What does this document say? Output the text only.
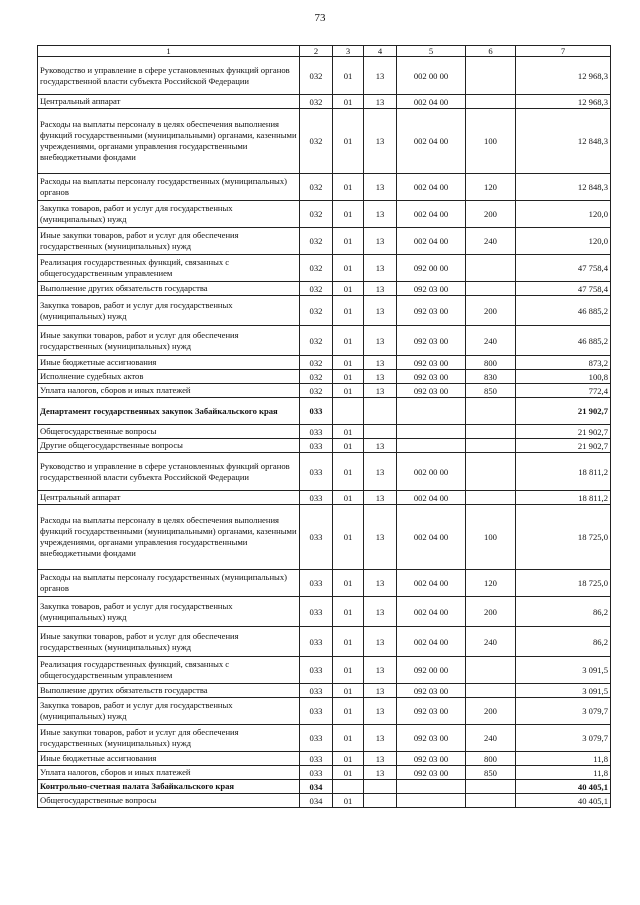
73
1	2	3	4	5	6	7
Руководство и управление в сфере установленных функций органов государственной власти субъекта Российской Федерации	032	01	13	002 00 00		12 968,3
Центральный аппарат	032	01	13	002 04 00		12 968,3
Расходы на выплаты персоналу в целях обеспечения выполнения функций государственными (муниципальными) органами, казенными учреждениями, органами управления государственными внебюджетными фондами	032	01	13	002 04 00	100	12 848,3
Расходы на выплаты персоналу государственных (муниципальных) органов	032	01	13	002 04 00	120	12 848,3
Закупка товаров, работ и услуг для государственных (муниципальных) нужд	032	01	13	002 04 00	200	120,0
Иные закупки товаров, работ и услуг для обеспечения государственных (муниципальных) нужд	032	01	13	002 04 00	240	120,0
Реализация государственных функций, связанных с общегосударственным управлением	032	01	13	092 00 00		47 758,4
Выполнение других обязательств государства	032	01	13	092 03 00		47 758,4
Закупка товаров, работ и услуг для государственных (муниципальных) нужд	032	01	13	092 03 00	200	46 885,2
Иные закупки товаров, работ и услуг для обеспечения государственных (муниципальных) нужд	032	01	13	092 03 00	240	46 885,2
Иные бюджетные ассигнования	032	01	13	092 03 00	800	873,2
Исполнение судебных актов	032	01	13	092 03 00	830	100,8
Уплата налогов, сборов и иных платежей	032	01	13	092 03 00	850	772,4
Департамент государственных закупок Забайкальского края	033					21 902,7
Общегосударственные вопросы	033	01				21 902,7
Другие общегосударственные вопросы	033	01	13			21 902,7
Руководство и управление в сфере установленных функций органов государственной власти субъекта Российской Федерации	033	01	13	002 00 00		18 811,2
Центральный аппарат	033	01	13	002 04 00		18 811,2
Расходы на выплаты персоналу в целях обеспечения выполнения функций государственными (муниципальными) органами, казенными учреждениями, органами управления государственными внебюджетными фондами	033	01	13	002 04 00	100	18 725,0
Расходы на выплаты персоналу государственных (муниципальных) органов	033	01	13	002 04 00	120	18 725,0
Закупка товаров, работ и услуг для государственных (муниципальных) нужд	033	01	13	002 04 00	200	86,2
Иные закупки товаров, работ и услуг для обеспечения государственных (муниципальных) нужд	033	01	13	002 04 00	240	86,2
Реализация государственных функций, связанных с общегосударственным управлением	033	01	13	092 00 00		3 091,5
Выполнение других обязательств государства	033	01	13	092 03 00		3 091,5
Закупка товаров, работ и услуг для государственных (муниципальных) нужд	033	01	13	092 03 00	200	3 079,7
Иные закупки товаров, работ и услуг для обеспечения государственных (муниципальных) нужд	033	01	13	092 03 00	240	3 079,7
Иные бюджетные ассигнования	033	01	13	092 03 00	800	11,8
Уплата налогов, сборов и иных платежей	033	01	13	092 03 00	850	11,8
Контрольно-счетная палата Забайкальского края	034					40 405,1
Общегосударственные вопросы	034	01				40 405,1
